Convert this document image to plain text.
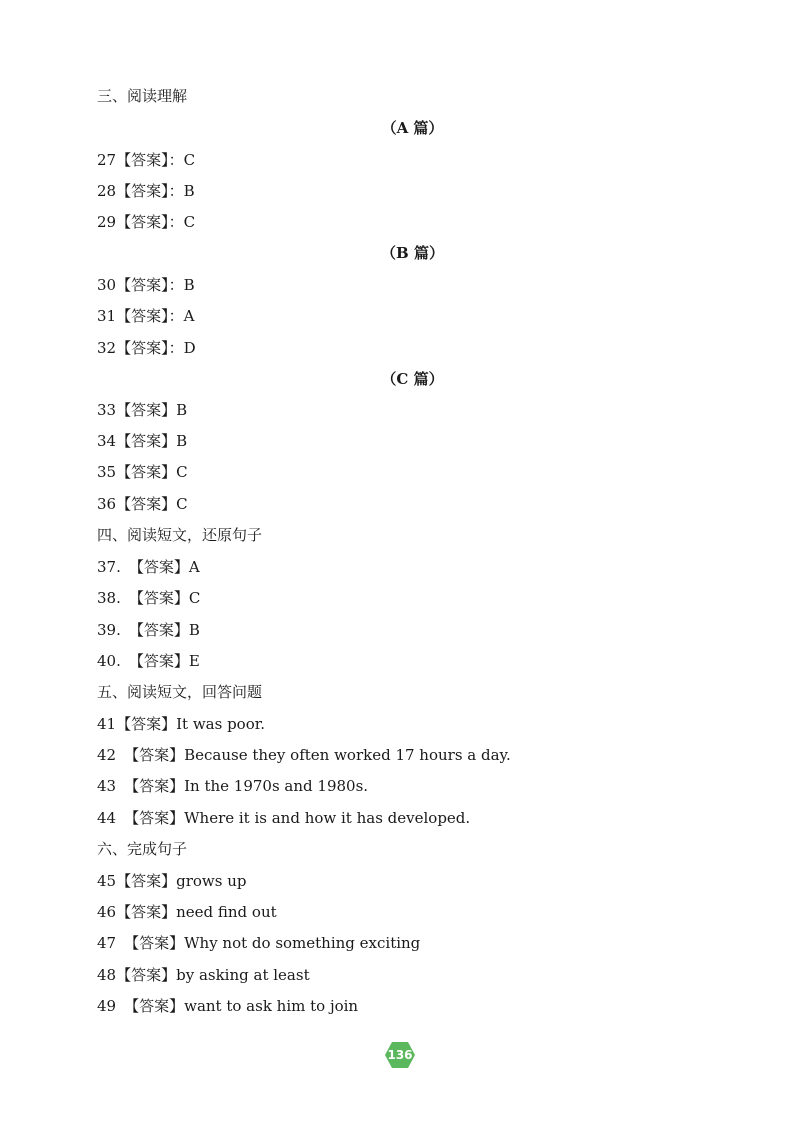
三、阅读理解
（A 篇）
27【答案】：C
28【答案】：B
29【答案】：C
（B 篇）
30【答案】：B
31【答案】：A
32【答案】：D
（C 篇）
33【答案】B
34【答案】B
35【答案】C
36【答案】C
四、阅读短文，还原句子
37. 【答案】A
38. 【答案】C
39. 【答案】B
40. 【答案】E
五、阅读短文，回答问题
41【答案】It was poor.
42 【答案】Because they often worked 17 hours a day.
43 【答案】In the 1970s and 1980s.
44 【答案】Where it is and how it has developed.
六、完成句子
45【答案】grows up
46【答案】need find out
47 【答案】Why not do something exciting
48【答案】by asking at least
49 【答案】want to ask him to join
136
